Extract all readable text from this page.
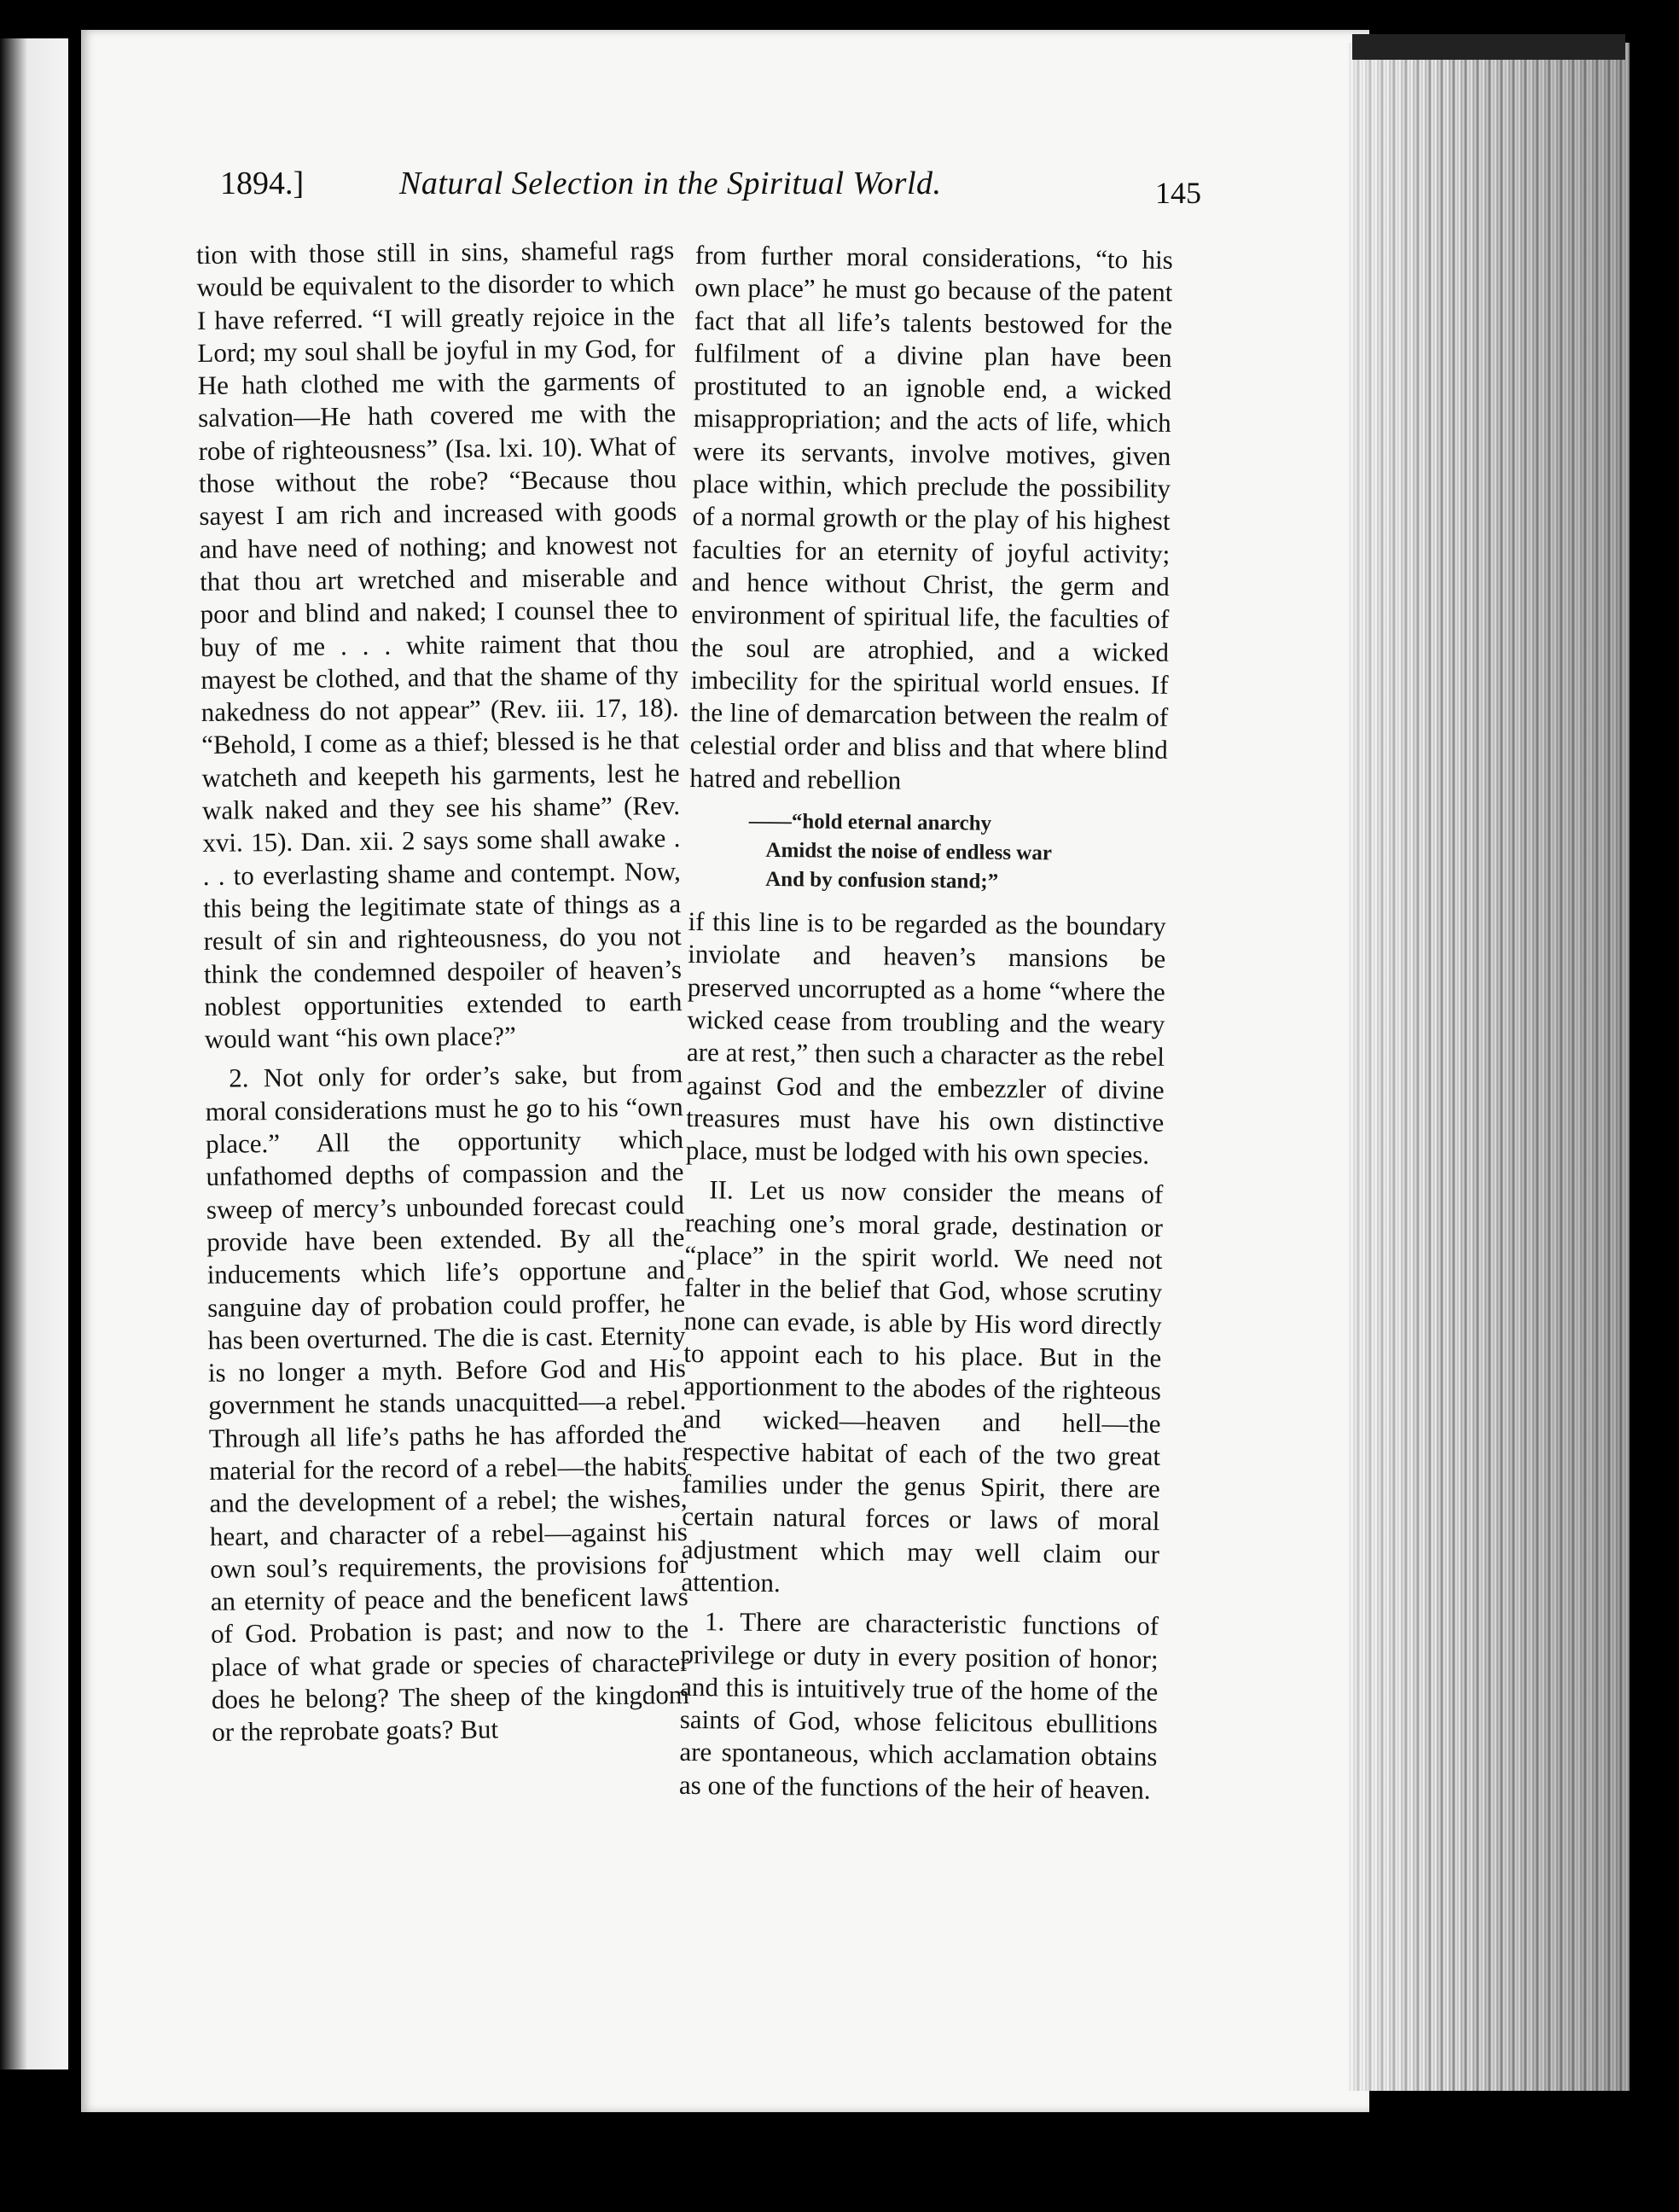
1894.]	Natural Selection in the Spiritual World.	145

tion with those still in sins, shameful rags would be equivalent to the disorder to which I have referred. “I will greatly rejoice in the Lord; my soul shall be joyful in my God, for He hath clothed me with the garments of salvation—He hath covered me with the robe of righteousness” (Isa. lxi. 10). What of those without the robe? “Because thou sayest I am rich and increased with goods and have need of nothing; and knowest not that thou art wretched and miserable and poor and blind and naked; I counsel thee to buy of me . . . white raiment that thou mayest be clothed, and that the shame of thy nakedness do not appear” (Rev. iii. 17, 18). “Behold, I come as a thief; blessed is he that watcheth and keepeth his garments, lest he walk naked and they see his shame” (Rev. xvi. 15). Dan. xii. 2 says some shall awake . . . to everlasting shame and contempt. Now, this being the legitimate state of things as a result of sin and righteousness, do you not think the condemned despoiler of heaven’s noblest opportunities extended to earth would want “his own place?”

2. Not only for order’s sake, but from moral considerations must he go to his “own place.” All the opportunity which unfathomed depths of compassion and the sweep of mercy’s unbounded forecast could provide have been extended. By all the inducements which life’s opportune and sanguine day of probation could proffer, he has been overturned. The die is cast. Eternity is no longer a myth. Before God and His government he stands unacquitted—a rebel. Through all life’s paths he has afforded the material for the record of a rebel—the habits and the development of a rebel; the wishes, heart, and character of a rebel—against his own soul’s requirements, the provisions for an eternity of peace and the beneficent laws of God. Probation is past; and now to the place of what grade or species of character does he belong? The sheep of the kingdom or the reprobate goats? But

from further moral considerations, “to his own place” he must go because of the patent fact that all life’s talents bestowed for the fulfilment of a divine plan have been prostituted to an ignoble end, a wicked misappropriation; and the acts of life, which were its servants, involve motives, given place within, which preclude the possibility of a normal growth or the play of his highest faculties for an eternity of joyful activity; and hence without Christ, the germ and environment of spiritual life, the faculties of the soul are atrophied, and a wicked imbecility for the spiritual world ensues. If the line of demarcation between the realm of celestial order and bliss and that where blind hatred and rebellion

——“hold eternal anarchy
Amidst the noise of endless war
And by confusion stand;”

if this line is to be regarded as the boundary inviolate and heaven’s mansions be preserved uncorrupted as a home “where the wicked cease from troubling and the weary are at rest,” then such a character as the rebel against God and the embezzler of divine treasures must have his own distinctive place, must be lodged with his own species.

II. Let us now consider the means of reaching one’s moral grade, destination or “place” in the spirit world. We need not falter in the belief that God, whose scrutiny none can evade, is able by His word directly to appoint each to his place. But in the apportionment to the abodes of the righteous and wicked—heaven and hell—the respective habitat of each of the two great families under the genus Spirit, there are certain natural forces or laws of moral adjustment which may well claim our attention.

1. There are characteristic functions of privilege or duty in every position of honor; and this is intuitively true of the home of the saints of God, whose felicitous ebullitions are spontaneous, which acclamation obtains as one of the functions of the heir of heaven.
